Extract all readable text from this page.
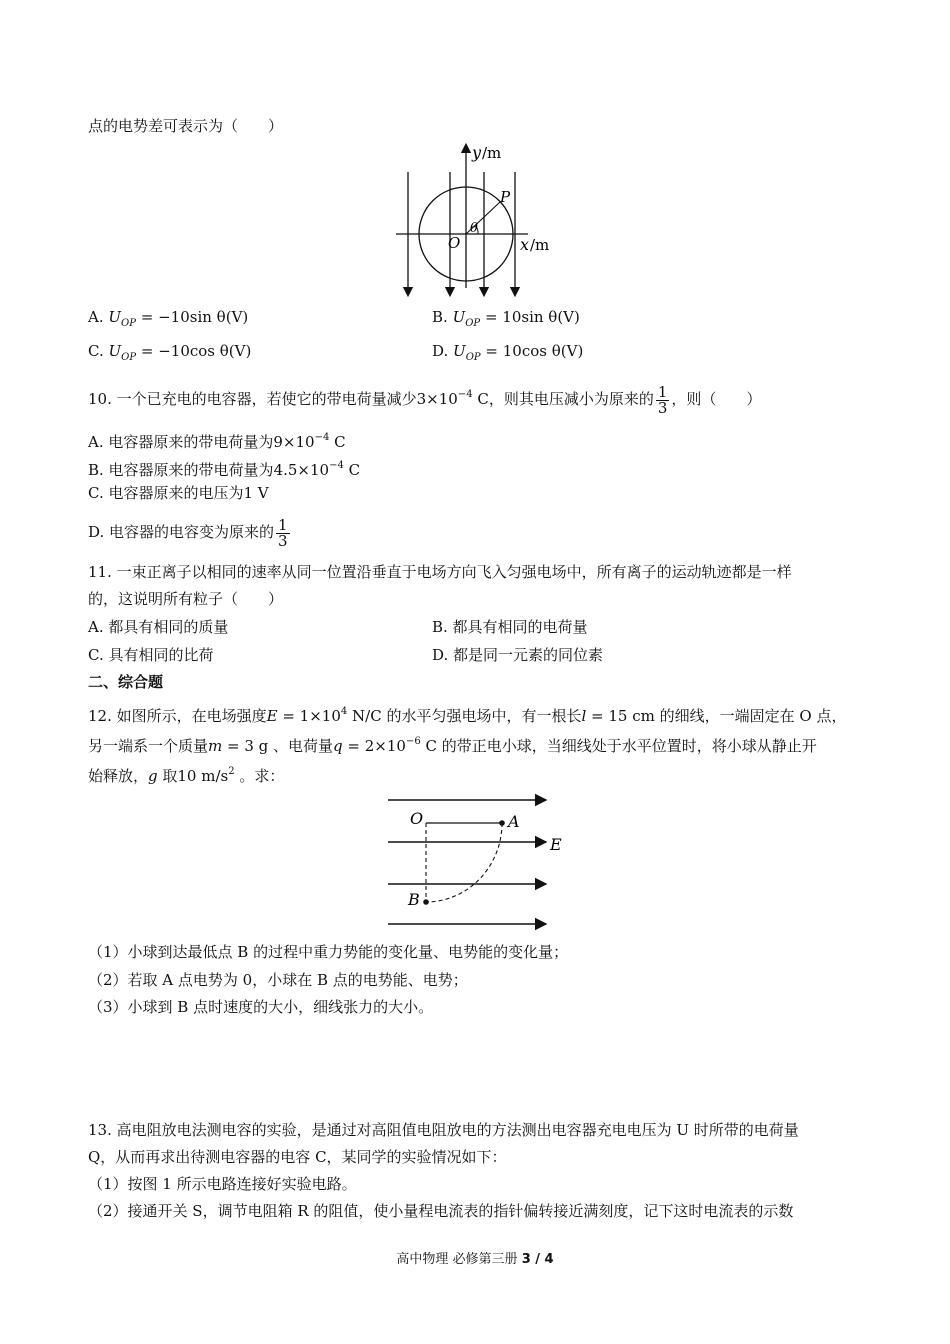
点的电势差可表示为（　　）
y /m
P
O
θ
x /m
A. $U_{OP} = -10\sin$ θ(V)	B. $U_{OP} = 10\sin$ θ(V)
C. $U_{OP} = -10\cos$ θ(V)	D. $U_{OP} = 10\cos$ θ(V)
10. 一个已充电的电容器，若使它的带电荷量减少$3\times 10^{-4}$ C，则其电压减小为原来的 $\frac{1}{3}$ ，则（　　）
A. 电容器原来的带电荷量为$9\times 10^{-4}$ C
B. 电容器原来的带电荷量为$4.5\times 10^{-4}$ C
C. 电容器原来的电压为1 V
D. 电容器的电容变为原来的 $\frac{1}{3}$
11. 一束正离子以相同的速率从同一位置沿垂直于电场方向飞入匀强电场中，所有离子的运动轨迹都是一样
的，这说明所有粒子（　　）
A. 都具有相同的质量	B. 都具有相同的电荷量
C. 具有相同的比荷	D. 都是同一元素的同位素
二、综合题
12. 如图所示，在电场强度$E = 1\times 10^4$ N/C 的水平匀强电场中，有一根长l = 15 cm 的细线，一端固定在 O 点，
另一端系一个质量m = 3 g 、电荷量$q = 2\times 10^{-6}$ C 的带正电小球，当细线处于水平位置时，将小球从静止开
始释放，g 取10 $m/s^2$ 。求：
O	A
B
E
（1）小球到达最低点 B 的过程中重力势能的变化量、电势能的变化量；
（2）若取 A 点电势为 0，小球在 B 点的电势能、电势；
（3）小球到 B 点时速度的大小，细线张力的大小。
13. 高电阻放电法测电容的实验，是通过对高阻值电阻放电的方法测出电容器充电电压为 U 时所带的电荷量
Q，从而再求出待测电容器的电容 C，某同学的实验情况如下：
（1）按图 1 所示电路连接好实验电路。
（2）接通开关 S，调节电阻箱 R 的阻值，使小量程电流表的指针偏转接近满刻度，记下这时电流表的示数
高中物理 必修第三册 3 / 4
